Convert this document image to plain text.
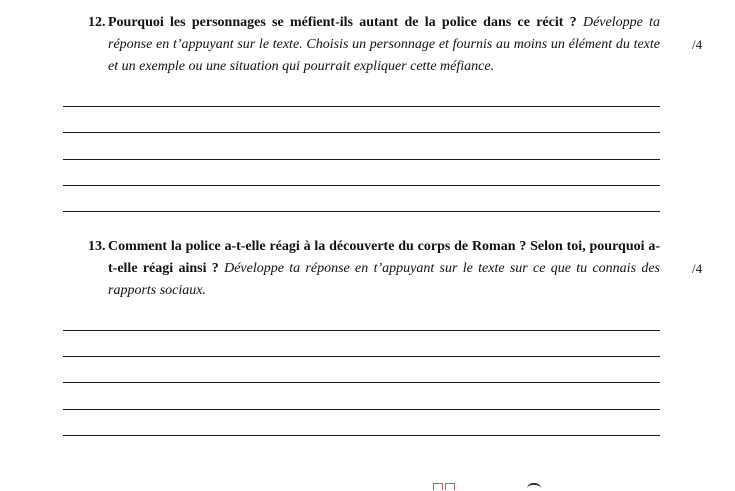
12. Pourquoi les personnages se méfient-ils autant de la police dans ce récit ? Développe ta réponse en t’appuyant sur le texte. Choisis un personnage et fournis au moins un élément du texte et un exemple ou une situation qui pourrait expliquer cette méfiance.
/4
13. Comment la police a-t-elle réagi à la découverte du corps de Roman ? Selon toi, pourquoi a-t-elle réagi ainsi ? Développe ta réponse en t’appuyant sur le texte sur ce que tu connais des rapports sociaux.
/4
